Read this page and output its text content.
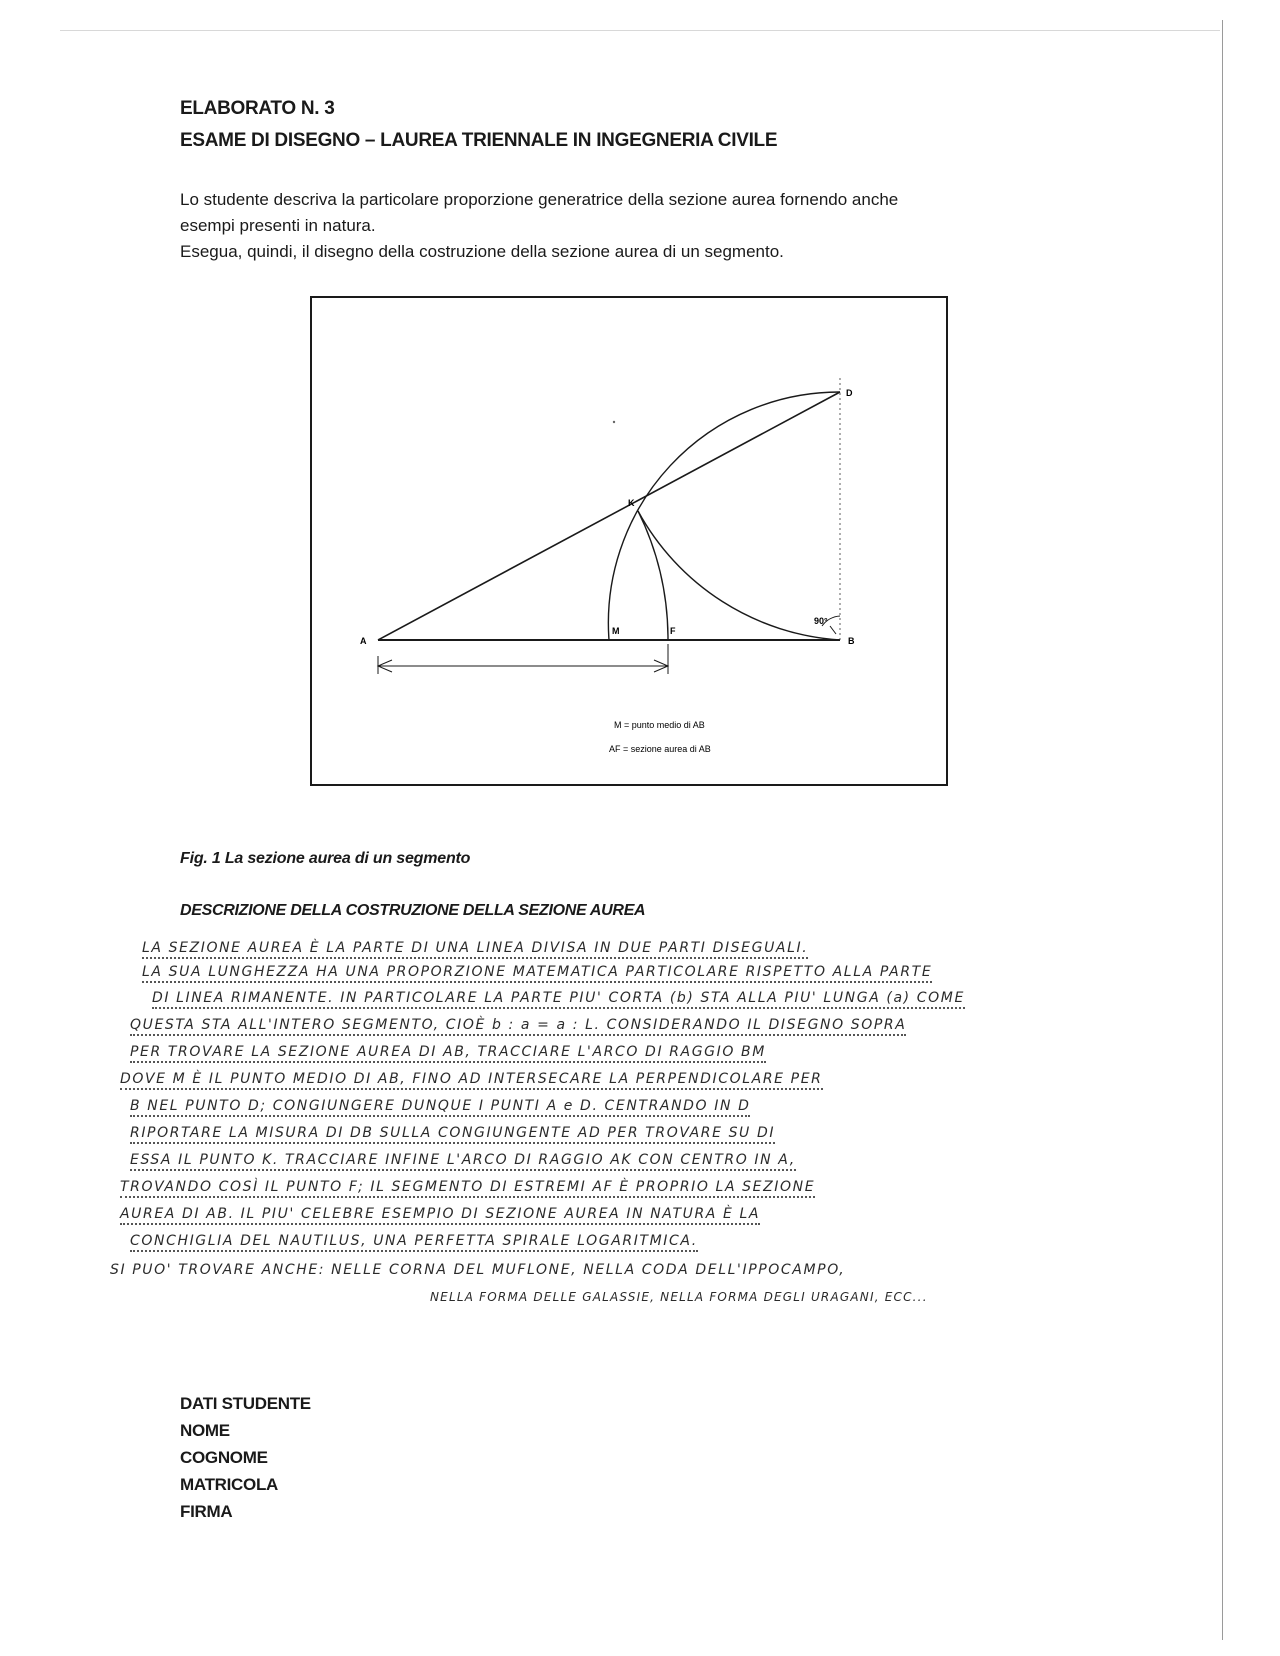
ELABORATO N. 3
ESAME DI DISEGNO – LAUREA TRIENNALE IN INGEGNERIA CIVILE

Lo studente descriva la particolare proporzione generatrice della sezione aurea fornendo anche

esempi presenti in natura.

Esegua, quindi, il disegno della costruzione della sezione aurea di un segmento.

A	B
D
K
M	F
90°
M = punto medio di AB
AF = sezione aurea di AB
Fig. 1 La sezione aurea di un segmento
DESCRIZIONE DELLA COSTRUZIONE DELLA SEZIONE AUREA
LA SEZIONE AUREA È LA PARTE DI UNA LINEA DIVISA IN DUE PARTI DISEGUALI.
LA SUA LUNGHEZZA HA UNA PROPORZIONE MATEMATICA PARTICOLARE RISPETTO ALLA PARTE
DI LINEA RIMANENTE. IN PARTICOLARE LA PARTE PIU' CORTA (b) STA ALLA PIU' LUNGA (a) COME
QUESTA STA ALL'INTERO SEGMENTO, CIOÈ b : a = a : L. CONSIDERANDO IL DISEGNO SOPRA
PER TROVARE LA SEZIONE AUREA DI AB, TRACCIARE L'ARCO DI RAGGIO BM
DOVE M È IL PUNTO MEDIO DI AB, FINO AD INTERSECARE LA PERPENDICOLARE PER
B NEL PUNTO D; CONGIUNGERE DUNQUE I PUNTI A e D. CENTRANDO IN D
RIPORTARE LA MISURA DI DB SULLA CONGIUNGENTE AD PER TROVARE SU DI
ESSA IL PUNTO K. TRACCIARE INFINE L'ARCO DI RAGGIO AK CON CENTRO IN A,
TROVANDO COSÌ IL PUNTO F; IL SEGMENTO DI ESTREMI AF È PROPRIO LA SEZIONE
AUREA DI AB. IL PIU' CELEBRE ESEMPIO DI SEZIONE AUREA IN NATURA È LA
CONCHIGLIA DEL NAUTILUS, UNA PERFETTA SPIRALE LOGARITMICA.
SI PUO' TROVARE ANCHE: NELLE CORNA DEL MUFLONE, NELLA CODA DELL'IPPOCAMPO,
NELLA FORMA DELLE GALASSIE, NELLA FORMA DEGLI URAGANI, ECC...
DATI STUDENTE
NOME
COGNOME
MATRICOLA
FIRMA
